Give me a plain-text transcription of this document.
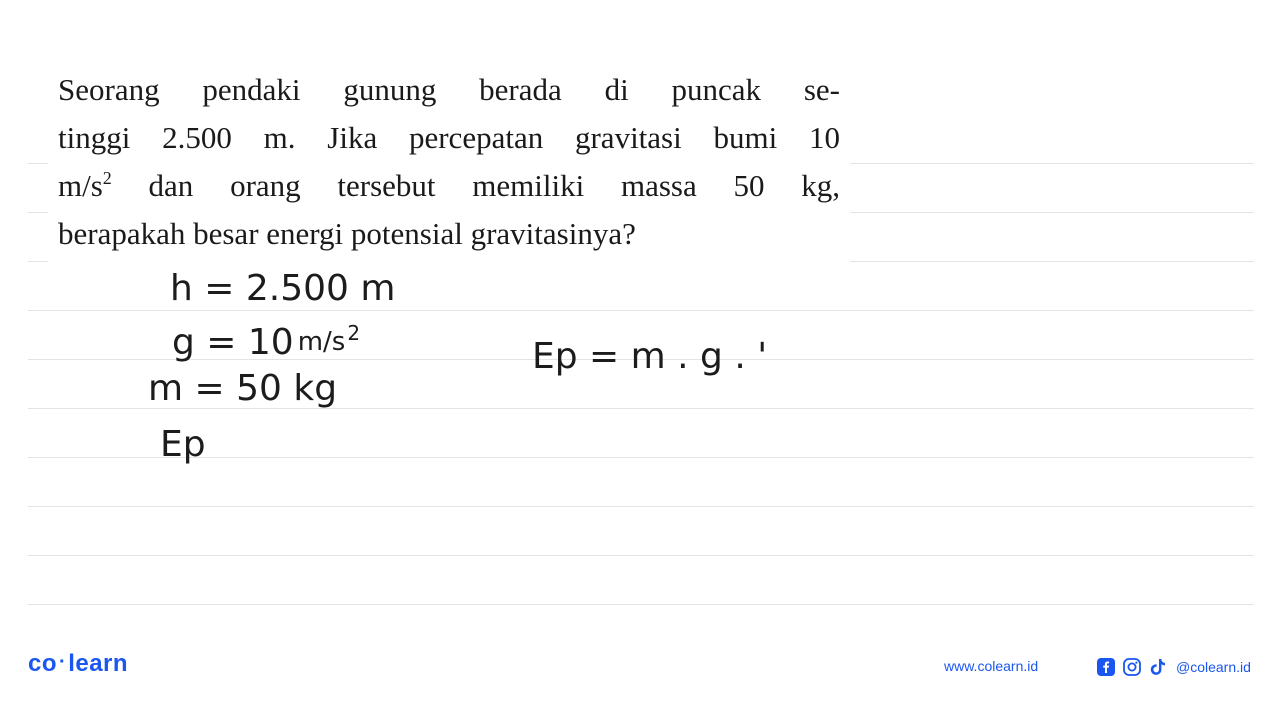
Seorang pendaki gunung berada di puncak se-
tinggi 2.500 m. Jika percepatan gravitasi bumi 10
$m/s^2$ dan orang tersebut memiliki massa 50 kg,
berapakah besar energi potensial gravitasinya?
h = 2.500 m
g = 10 m/s $^2$
m = 50 kg
Ep
Ep = m . g . '
co ·learn	www.colearn.id	@colearn.id
